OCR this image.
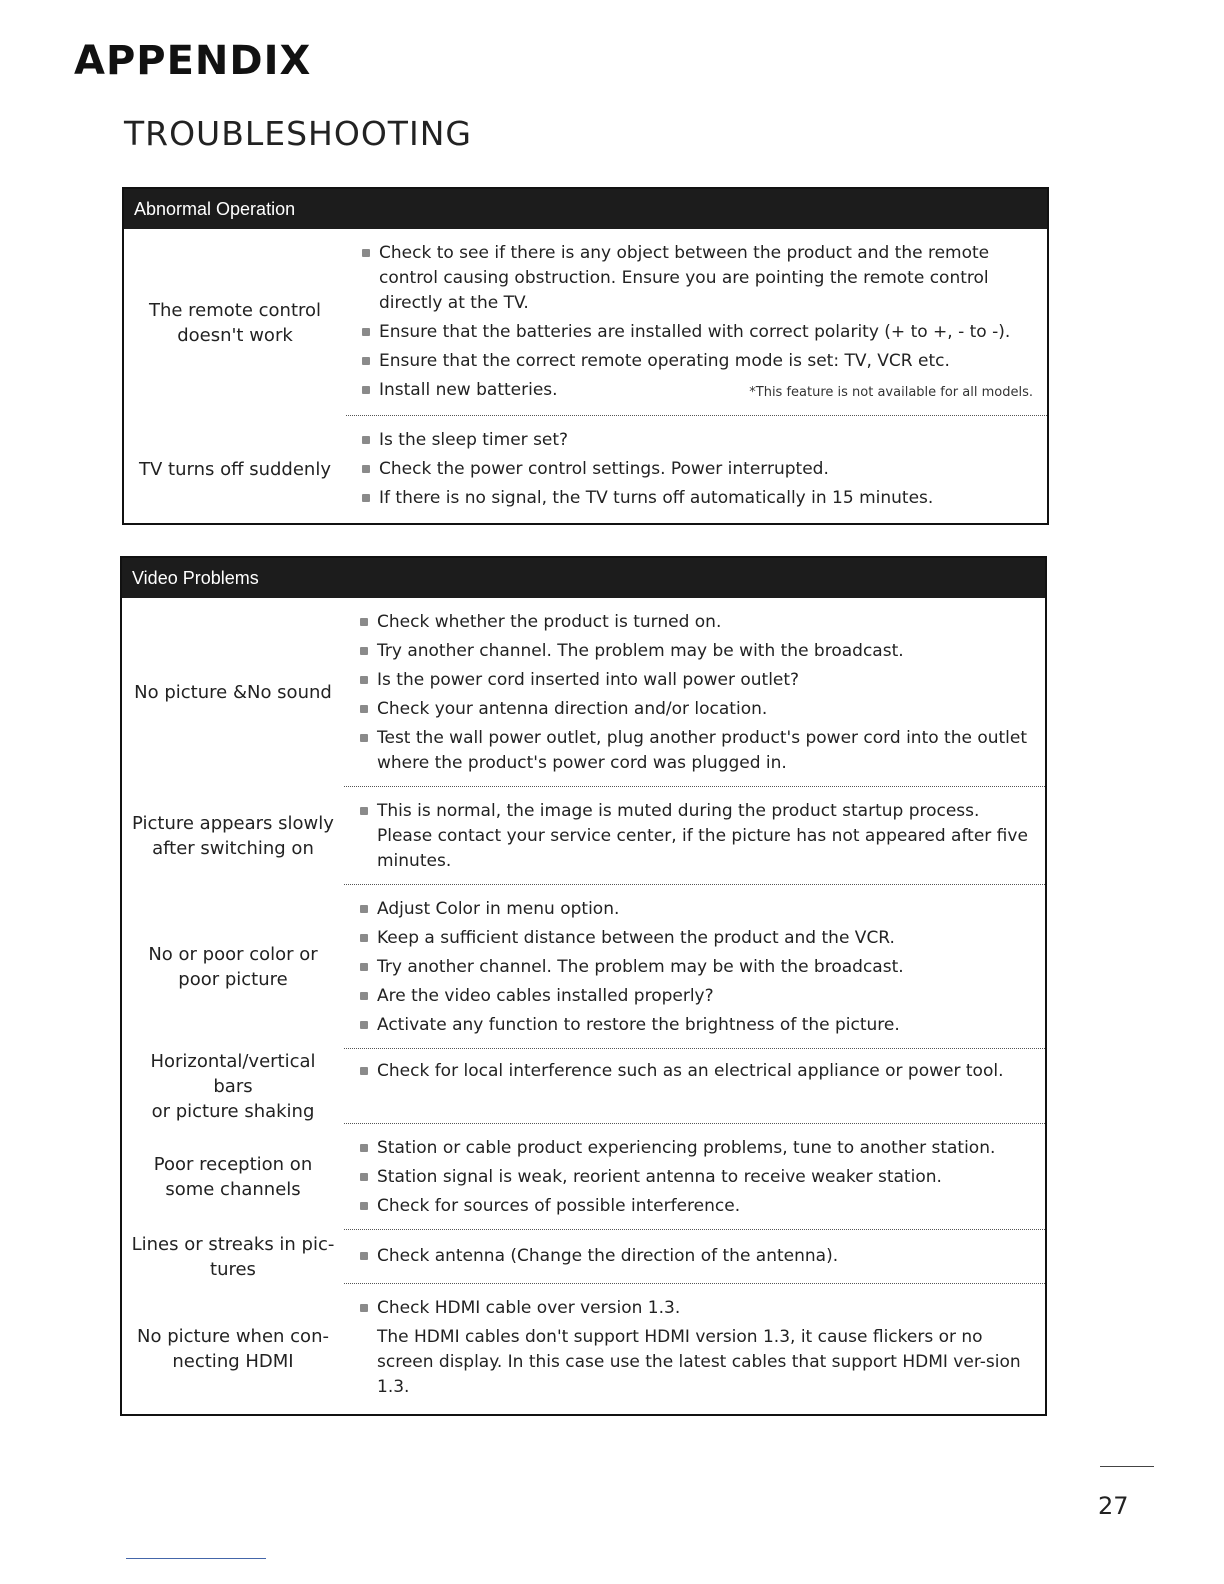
APPENDIX
TROUBLESHOOTING
Abnormal Operation
The remote control
doesn't work
Check to see if there is any object between the product and the remote control causing obstruction. Ensure you are pointing the remote control directly at the TV.
Ensure that the batteries are installed with correct polarity (+ to +, - to -).
Ensure that the correct remote operating mode is set: TV, VCR etc.
Install new batteries.	*This feature is not available for all models.
TV turns off suddenly
Is the sleep timer set?
Check the power control settings. Power interrupted.
If there is no signal, the TV turns off automatically in 15 minutes.
Video Problems
No picture &No sound
Check whether the product is turned on.
Try another channel. The problem may be with the broadcast.
Is the power cord inserted into wall power outlet?
Check your antenna direction and/or location.
Test the wall power outlet, plug another product's power cord into the outlet where the product's power cord was plugged in.
Picture appears slowly
after switching on
This is normal, the image is muted during the product startup process. Please contact your service center, if the picture has not appeared after five minutes.
No or poor color or
poor picture
Adjust Color in menu option.
Keep a sufficient distance between the product and the VCR.
Try another channel. The problem may be with the broadcast.
Are the video cables installed properly?
Activate any function to restore the brightness of the picture.
Horizontal/vertical bars
or picture shaking
Check for local interference such as an electrical appliance or power tool.
Poor reception on
some channels
Station or cable product experiencing problems, tune to another station.
Station signal is weak, reorient antenna to receive weaker station.
Check for sources of possible interference.
Lines or streaks in pic-
tures
Check antenna (Change the direction of the antenna).
No picture when con-
necting HDMI
Check HDMI cable over version 1.3.
The HDMI cables don't support HDMI version 1.3, it cause flickers or no screen display. In this case use the latest cables that support HDMI ver-sion 1.3.
27
